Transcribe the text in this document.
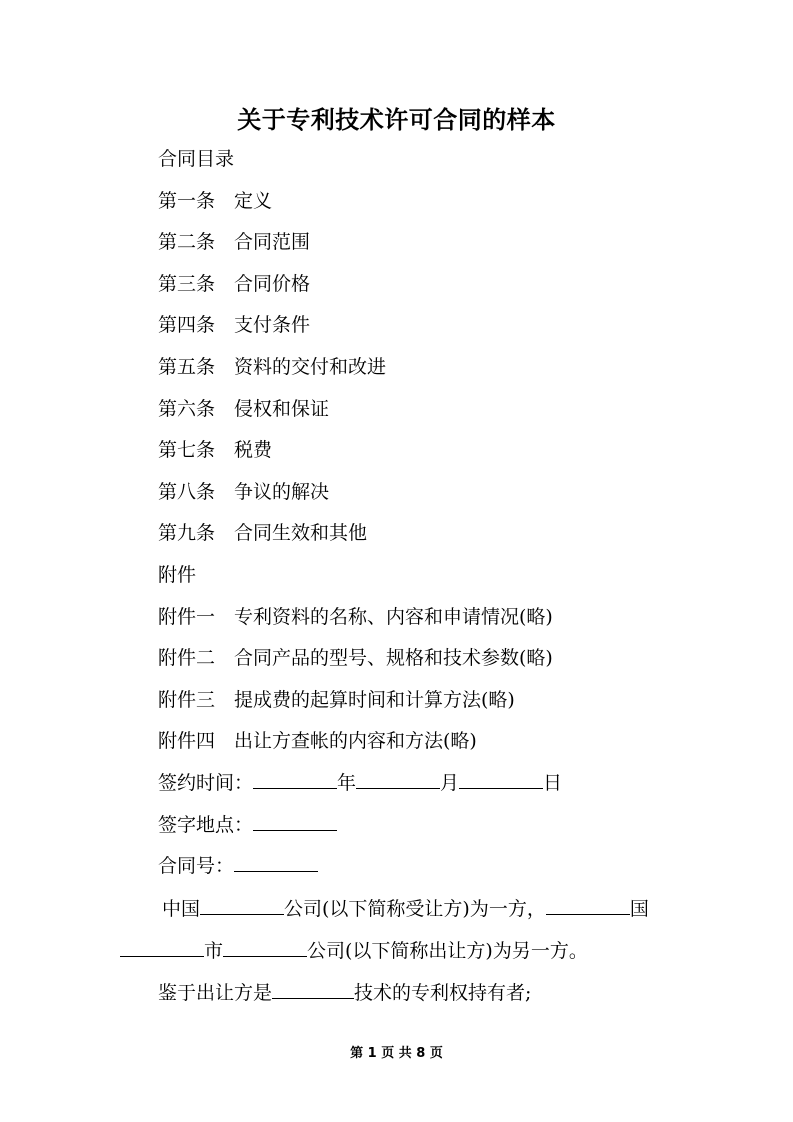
关于专利技术许可合同的样本
合同目录
第一条 定义
第二条 合同范围
第三条 合同价格
第四条 支付条件
第五条 资料的交付和改进
第六条 侵权和保证
第七条 税费
第八条 争议的解决
第九条 合同生效和其他
附件
附件一 专利资料的名称、内容和申请情况(略)
附件二 合同产品的型号、规格和技术参数(略)
附件三 提成费的起算时间和计算方法(略)
附件四 出让方查帐的内容和方法(略)
签约时间：	年	月	日
签字地点：
合同号：
中国	公司(以下简称受让方)为一方，	国
市	公司(以下简称出让方)为另一方。
鉴于出让方是	技术的专利权持有者;
第 1 页 共 8 页
